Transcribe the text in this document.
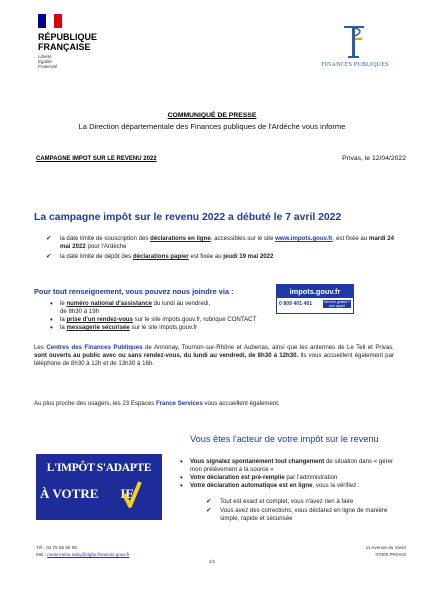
RÉPUBLIQUE
FRANÇAISE
Liberté
Égalité
Fraternité	FINANCES PUBLIQUES
COMMUNIQUÉ DE PRESSE
La Direction départementale des Finances publiques de l'Ardèche vous informe
CAMPAGNE IMPOT SUR LE REVENU 2022	Privas, le 12/04/2022
La campagne impôt sur le revenu 2022 a débuté le 7 avril 2022
✔ la date limite de souscription des déclarations en ligne, accessibles sur le site www.impots.gouv.fr, est fixée au mardi 24 mai 2022 pour l'Ardèche
✔ la date limite de dépôt des déclarations papier est fixée au jeudi 19 mai 2022
Pour tout renseignement, vous pouvez nous joindre via :
• le numéro national d'assistance du lundi au vendredi,
de 8h30 à 19h
• la prise d'un rendez-vous sur le site impots.gouv.fr, rubrique CONTACT
• la messagerie sécurisée sur le site impots.gouv.fr
impots.gouv.fr
0 809 401 401	Service gratuit + prix appel
Les Centres des Finances Publiques de Annonay, Tournon-sur-Rhône et Aubenas, ainsi que les antennes de Le Teil et Privas, sont ouverts au public avec ou sans rendez-vous, du lundi au vendredi, de 8h30 à 12h30. Ils vous accueillent également par téléphone de 8h30 à 12h et de 13h30 à 16h.
Au plus proche des usagers, les 23 Espaces France Services vous accueillent également.
Vous êtes l'acteur de votre impôt sur le revenu
L'IMPÔT S'ADAPTE
À VOTRE IE
• Vous signalez spontanément tout changement de situation dans « gérer mon prélèvement à la source »
• Votre déclaration est pré-remplie par l'administration
• Votre déclaration automatique est en ligne, vous la vérifiez :
✔ Tout est exact et complet, vous n'avez rien à faire
✔ Vous avez des corrections, vous déclarez en ligne de manière simple, rapide et sécurisée
Tél : 04 75 65 55 08
Mél : marie-reine.saby@dgfip.finances.gouv.fr
1/1
11 Avenue du Vanel
07000 PRIVAS
